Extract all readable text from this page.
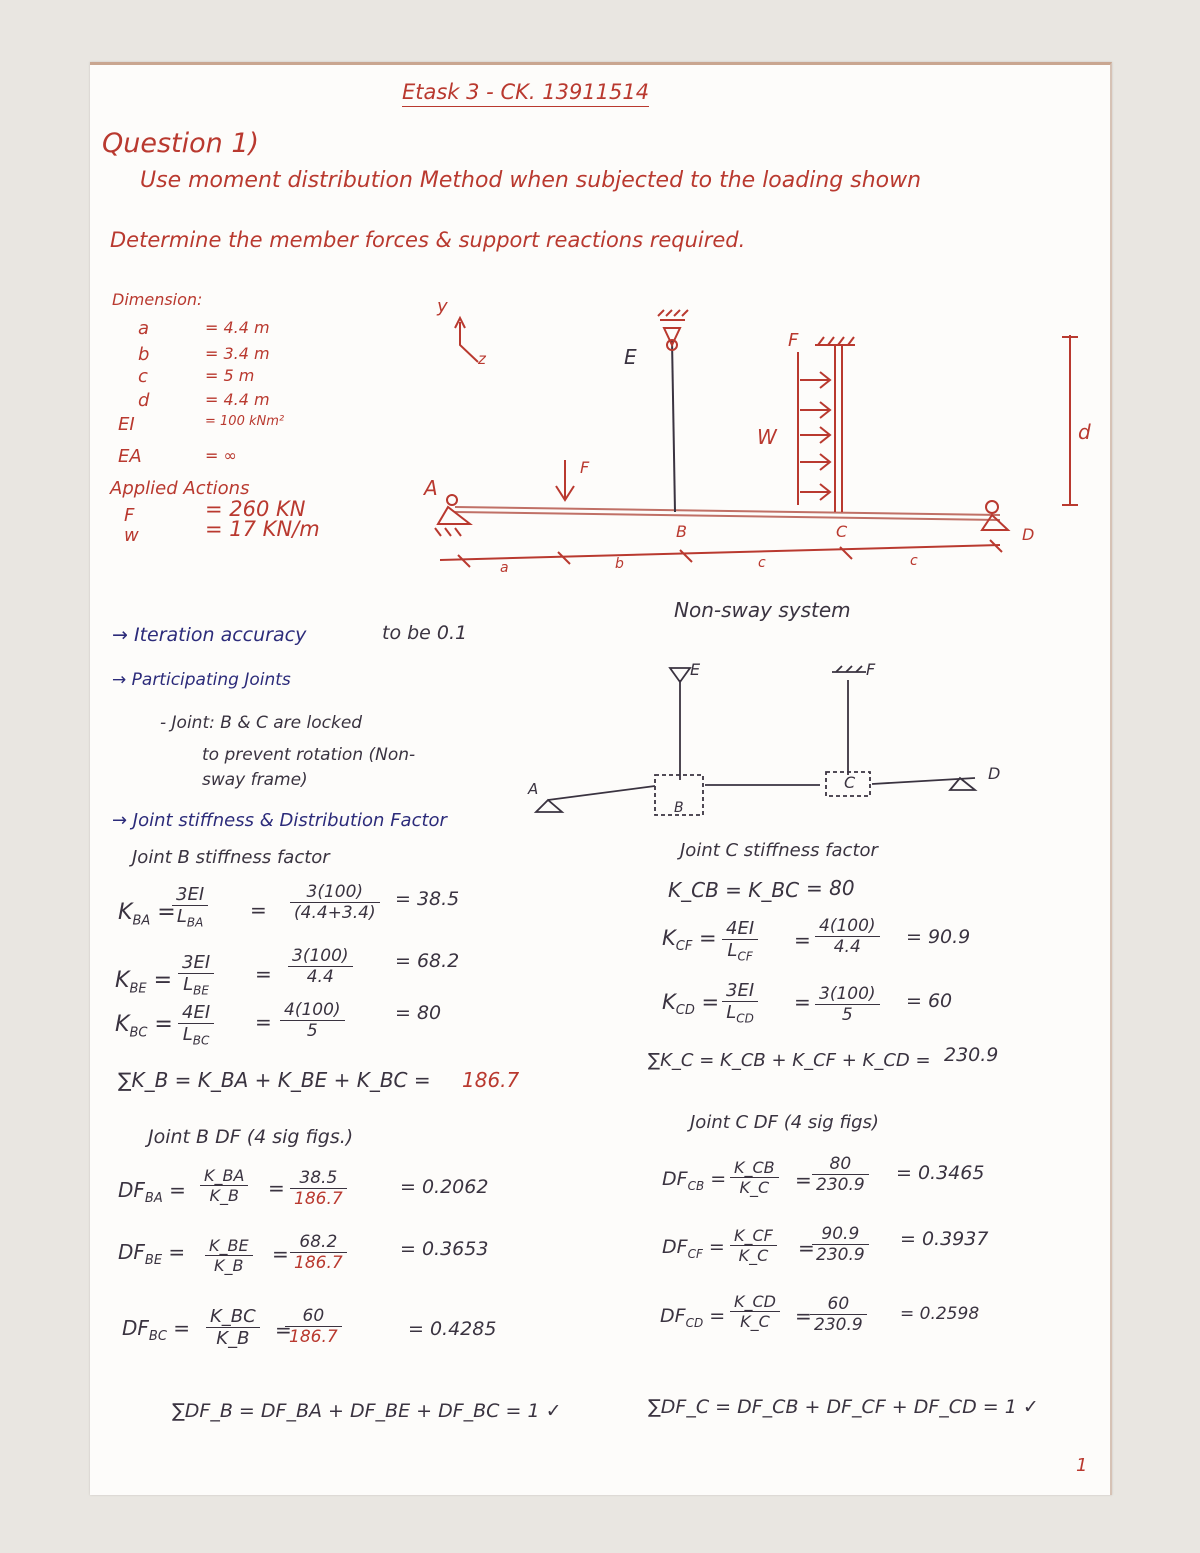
Etask 3 - CK. 13911514
Question 1)
Use moment distribution Method when subjected to the loading shown
Determine the member forces & support reactions required.
Dimension:
a	= 4.4 m
b	= 3.4 m
c	= 5 m
d	= 4.4 m
EI	= 100 kNm²
EA	= ∞
Applied Actions
F	= 260 KN
w	= 17 KN/m
y
z
A
E
F
F
W
B	C	D
d
a	b	c	c
→ Iteration accuracy	to be 0.1
→ Participating Joints
- Joint: B & C are locked
to prevent rotation (Non-
sway frame)
→ Joint stiffness & Distribution Factor
Non-sway system
A
B
C	D
E	F
Joint B stiffness factor
$K_{BA}$ =
3EI
$L_{BA}$
= $\frac{3(100)}{(4.4+3.4)} = 38.5$
$K_{BE}$ =
3EI
$L_{BE}$
= $\frac{3(100)}{4.4} = 68.2$
$K_{BC} = 4EI$
$L_{BC}$
= $\frac{4(100)}{5}$	= 80
∑K_B = K_BA + K_BE + K_BC = 186.7
Joint B DF (4 sig figs.)
$DF_{BA} = \frac{K\_BA}{K\_B} = \frac{38.5}{186.7}$	= 0.2062
$DF_{BE} = \frac{K\_BE}{K\_B} = \frac{68.2}{186.7}$	= 0.3653
$DF_{BC} = \frac{K\_BC}{K\_B}$ =
$\frac{60}{186.7}$	= 0.4285
∑DF_B = DF_BA + DF_BE + DF_BC = 1 ✓
Joint C stiffness factor
K_CB = K_BC = 80
$K_{CF} = 4EI$
$L_{CF}$
= $\frac{4(100)}{4.4} = 90.9$
$K_{CD} = 3EI$
$L_{CD}$
= $\frac{3(100)}{5} = 60$
∑K_C = K_CB + K_CF + K_CD = 230.9
Joint C DF (4 sig figs)
$DF_{CB} = \frac{K\_CB}{K\_C} = \frac{80}{230.9} = 0.3465$
$DF_{CF} = \frac{K\_CF}{K\_C}$ =
$\frac{90.9}{230.9} = 0.3937$
$DF_{CD} = \frac{K\_CD}{K\_C}$ =
$\frac{60}{230.9} = 0.2598$
∑DF_C = DF_CB + DF_CF + DF_CD = 1 ✓
1
